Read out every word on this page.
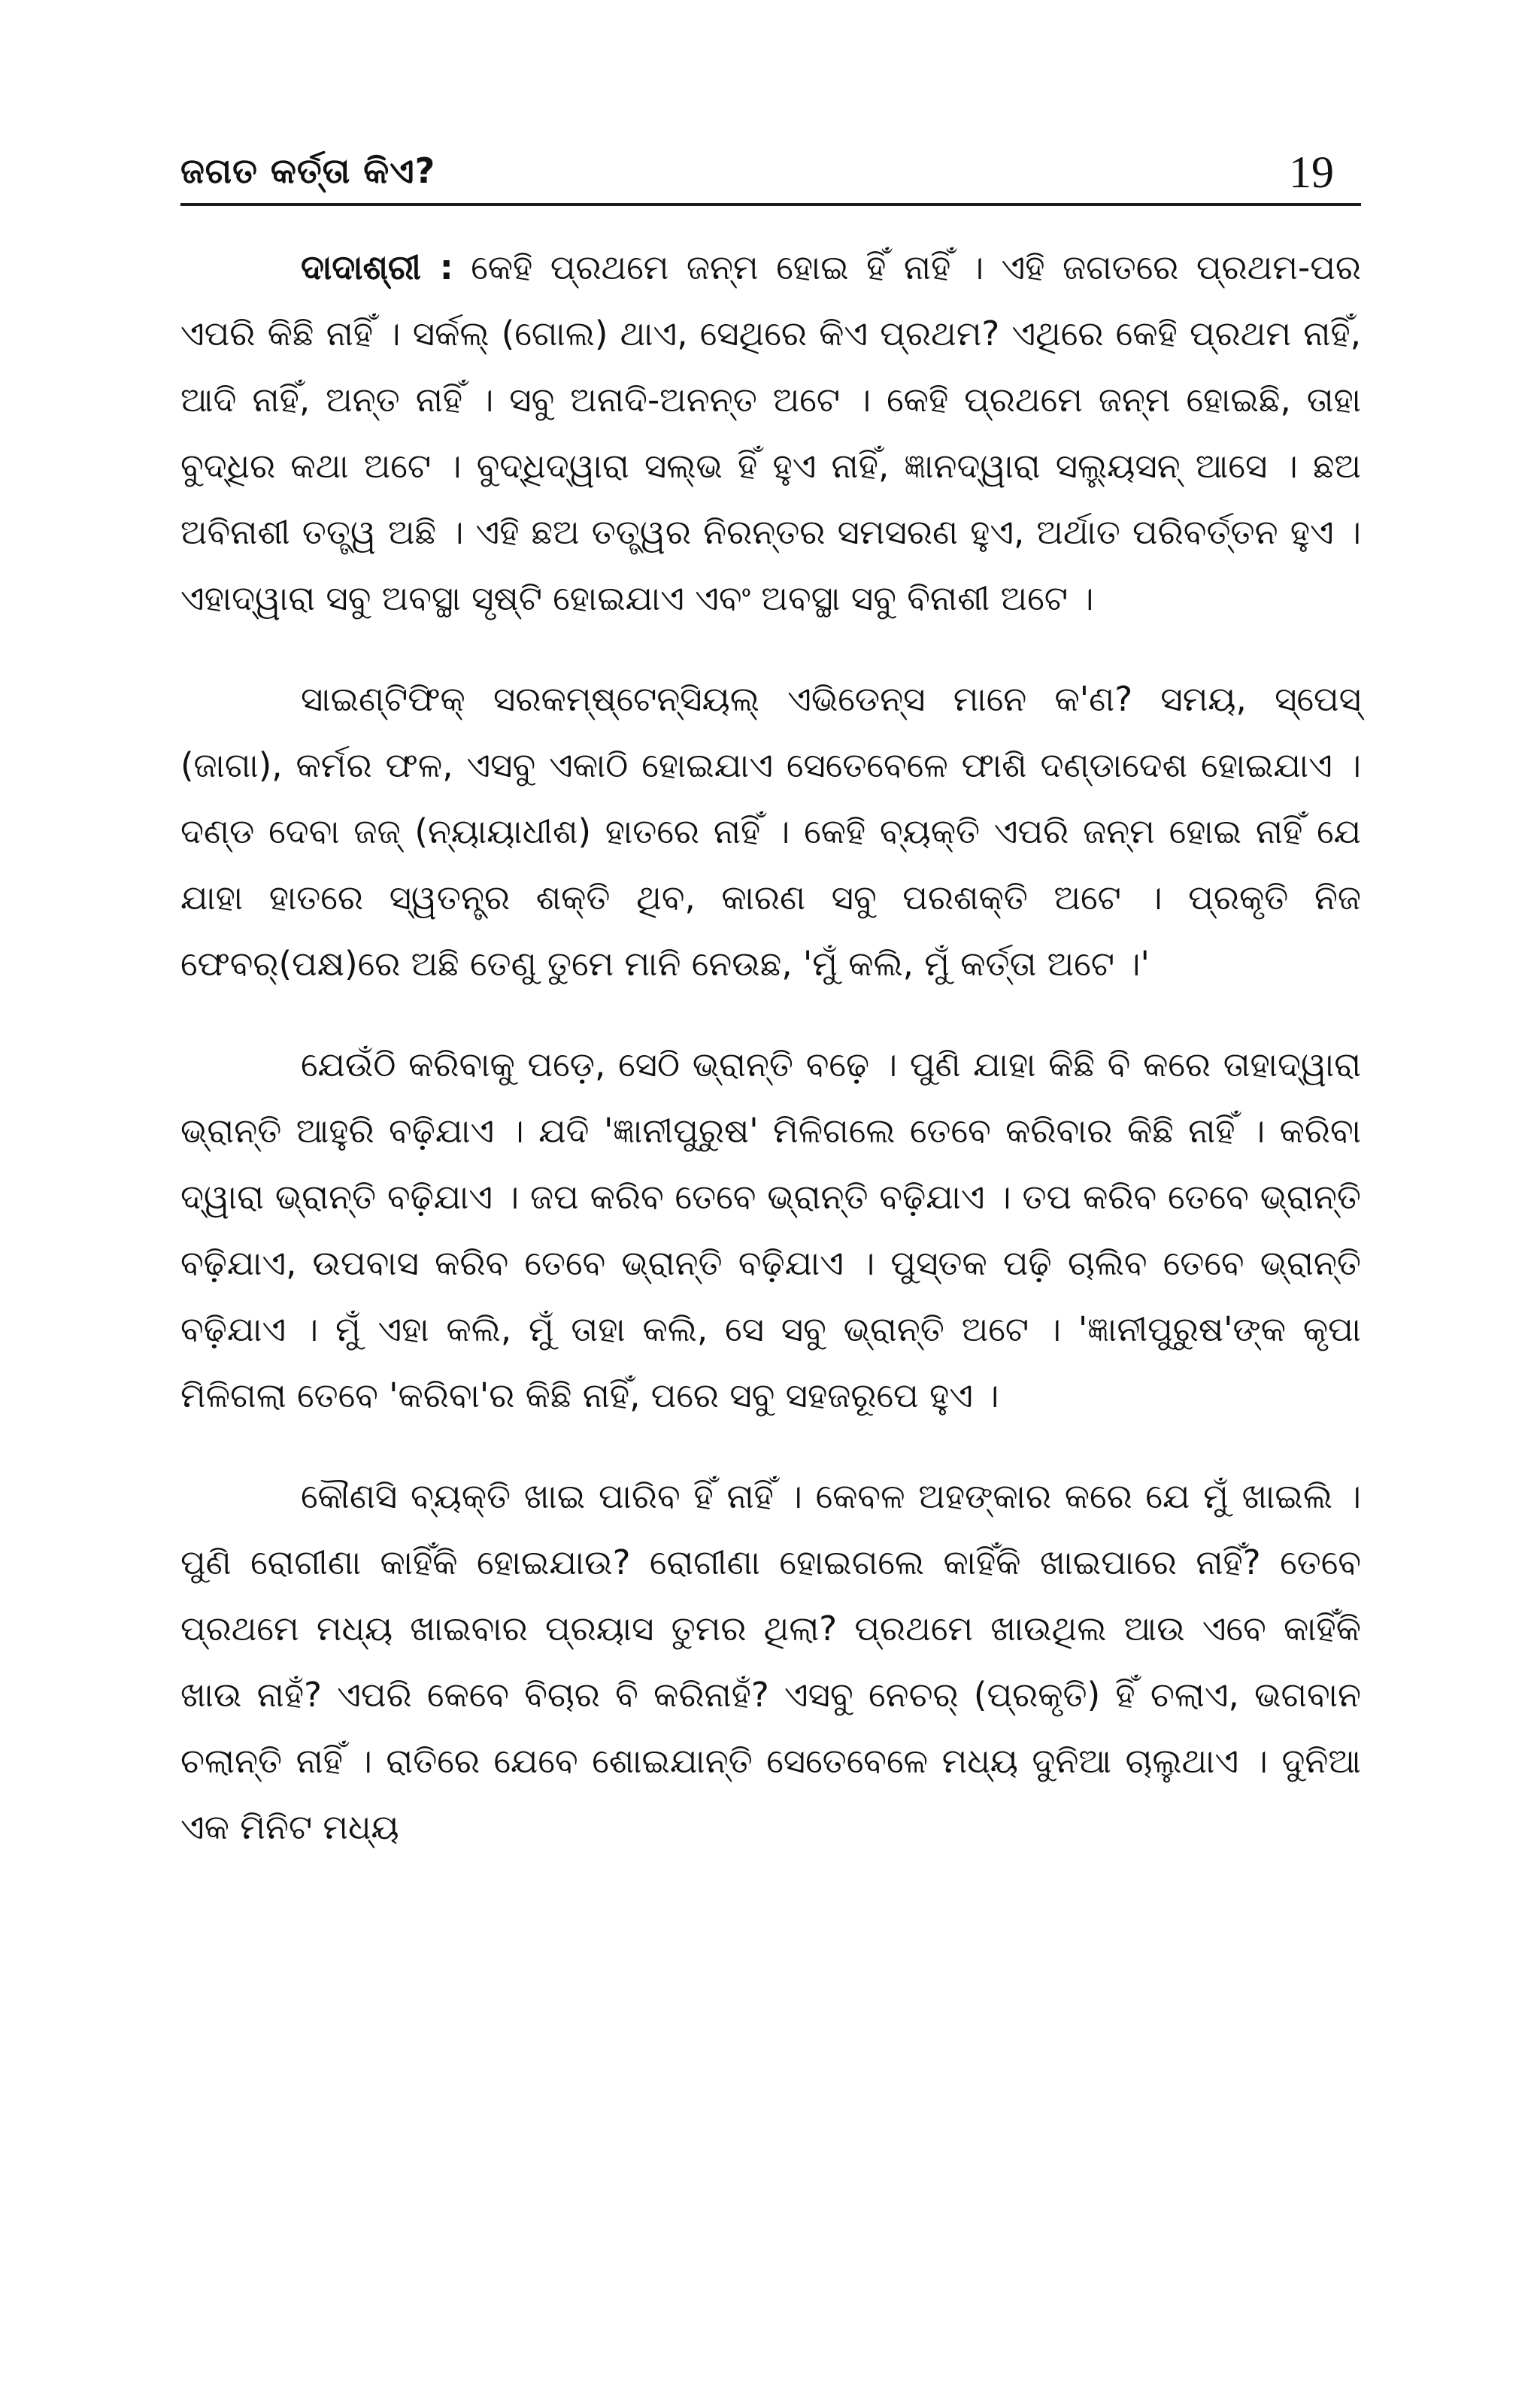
ଜଗତ କର୍ତ୍ତା କିଏ?	19

ଦାଦାଶ୍ରୀ : କେହି ପ୍ରଥମେ ଜନ୍ମ ହୋଇ ହିଁ ନାହିଁ । ଏହି ଜଗତରେ ପ୍ରଥମ-ପର ଏପରି କିଛି ନାହିଁ । ସର୍କଲ୍ (ଗୋଲ) ଥାଏ, ସେଥିରେ କିଏ ପ୍ରଥମ? ଏଥିରେ କେହି ପ୍ରଥମ ନାହିଁ, ଆଦି ନାହିଁ, ଅନ୍ତ ନାହିଁ । ସବୁ ଅନାଦି-ଅନନ୍ତ ଅଟେ । କେହି ପ୍ରଥମେ ଜନ୍ମ ହୋଇଛି, ତାହା ବୁଦ୍ଧିର କଥା ଅଟେ । ବୁଦ୍ଧିଦ୍ୱାରା ସଲ୍‌ଭ ହିଁ ହୁଏ ନାହିଁ, ଜ୍ଞାନଦ୍ୱାରା ସଲ୍ୟୁସନ୍ ଆସେ । ଛଅ ଅବିନାଶୀ ତତ୍ତ୍ୱ ଅଛି । ଏହି ଛଅ ତତ୍ତ୍ୱର ନିରନ୍ତର ସମସରଣ ହୁଏ, ଅର୍ଥାତ ପରିବର୍ତ୍ତନ ହୁଏ । ଏହାଦ୍ୱାରା ସବୁ ଅବସ୍ଥା ସୃଷ୍ଟି ହୋଇଯାଏ ଏବଂ ଅବସ୍ଥା ସବୁ ବିନାଶୀ ଅଟେ ।

ସାଇଣ୍ଟିଫିକ୍ ସରକମ୍‌ଷ୍ଟେନ୍ସିୟଲ୍ ଏଭିଡେନ୍ସ ମାନେ କ'ଣ? ସମୟ, ସ୍ପେସ୍ (ଜାଗା), କର୍ମର ଫଳ, ଏସବୁ ଏକାଠି ହୋଇଯାଏ ସେତେବେଳେ ଫାଶି ଦଣ୍ଡାଦେଶ ହୋଇଯାଏ । ଦଣ୍ଡ ଦେବା ଜଜ୍ (ନ୍ୟାୟାଧୀଶ) ହାତରେ ନାହିଁ । କେହି ବ୍ୟକ୍ତି ଏପରି ଜନ୍ମ ହୋଇ ନାହିଁ ଯେ ଯାହା ହାତରେ ସ୍ୱତନ୍ତ୍ର ଶକ୍ତି ଥିବ, କାରଣ ସବୁ ପରଶକ୍ତି ଅଟେ । ପ୍ରକୃତି ନିଜ ଫେବର୍(ପକ୍ଷ)ରେ ଅଛି ତେଣୁ ତୁମେ ମାନି ନେଉଛ, 'ମୁଁ କଲି, ମୁଁ କର୍ତ୍ତା ଅଟେ ।'

ଯେଉଁଠି କରିବାକୁ ପଡ଼େ, ସେଠି ଭ୍ରାନ୍ତି ବଢ଼େ । ପୁଣି ଯାହା କିଛି ବି କରେ ତାହାଦ୍ୱାରା ଭ୍ରାନ୍ତି ଆହୁରି ବଢ଼ିଯାଏ । ଯଦି 'ଜ୍ଞାନୀପୁରୁଷ' ମିଳିଗଲେ ତେବେ କରିବାର କିଛି ନାହିଁ । କରିବା ଦ୍ୱାରା ଭ୍ରାନ୍ତି ବଢ଼ିଯାଏ । ଜପ କରିବ ତେବେ ଭ୍ରାନ୍ତି ବଢ଼ିଯାଏ । ତପ କରିବ ତେବେ ଭ୍ରାନ୍ତି ବଢ଼ିଯାଏ, ଉପବାସ କରିବ ତେବେ ଭ୍ରାନ୍ତି ବଢ଼ିଯାଏ । ପୁସ୍ତକ ପଢ଼ି ଚାଲିବ ତେବେ ଭ୍ରାନ୍ତି ବଢ଼ିଯାଏ । ମୁଁ ଏହା କଲି, ମୁଁ ତାହା କଲି, ସେ ସବୁ ଭ୍ରାନ୍ତି ଅଟେ । 'ଜ୍ଞାନୀପୁରୁଷ'ଙ୍କ କୃପା ମିଳିଗଲା ତେବେ 'କରିବା'ର କିଛି ନାହିଁ, ପରେ ସବୁ ସହଜରୂପେ ହୁଏ ।

କୌଣସି ବ୍ୟକ୍ତି ଖାଇ ପାରିବ ହିଁ ନାହିଁ । କେବଳ ଅହଙ୍କାର କରେ ଯେ ମୁଁ ଖାଇଲି । ପୁଣି ରୋଗୀଣା କାହିଁକି ହୋଇଯାଉ? ରୋଗୀଣା ହୋଇଗଲେ କାହିଁକି ଖାଇପାରେ ନାହିଁ? ତେବେ ପ୍ରଥମେ ମଧ୍ୟ ଖାଇବାର ପ୍ରୟାସ ତୁମର ଥିଲା? ପ୍ରଥମେ ଖାଉଥିଲ ଆଉ ଏବେ କାହିଁକି ଖାଉ ନାହଁ? ଏପରି କେବେ ବିଚାର ବି କରିନାହଁ? ଏସବୁ ନେଚର୍ (ପ୍ରକୃତି) ହିଁ ଚଲାଏ, ଭଗବାନ ଚଲାନ୍ତି ନାହିଁ । ରାତିରେ ଯେବେ ଶୋଇଯାନ୍ତି ସେତେବେଳେ ମଧ୍ୟ ଦୁନିଆ ଚାଲୁଥାଏ । ଦୁନିଆ ଏକ ମିନିଟ ମଧ୍ୟ
